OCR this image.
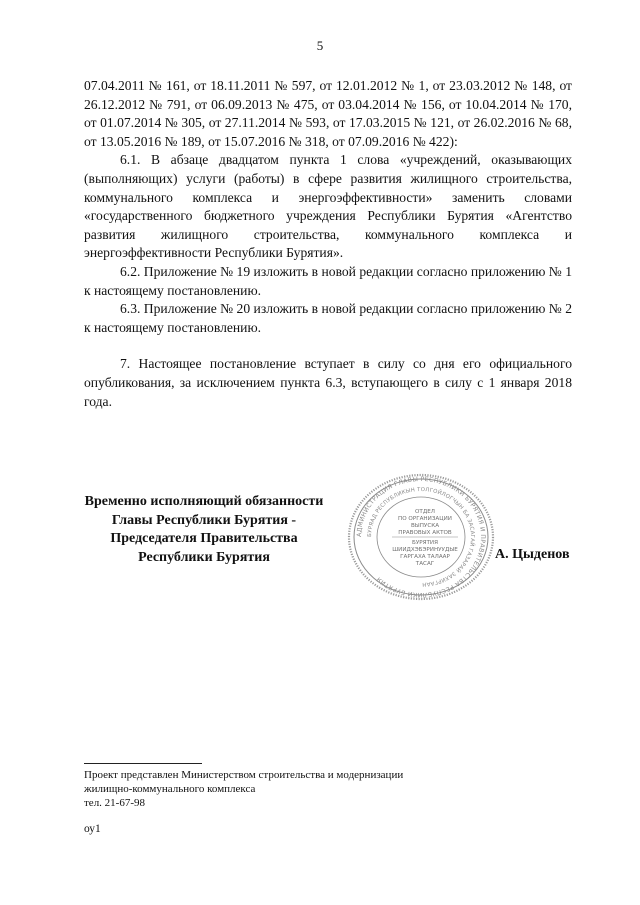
5

07.04.2011 № 161, от 18.11.2011 № 597, от 12.01.2012 № 1, от 23.03.2012 № 148, от 26.12.2012 № 791, от 06.09.2013 № 475, от 03.04.2014 № 156, от 10.04.2014 № 170, от 01.07.2014 № 305, от 27.11.2014 № 593, от 17.03.2015 № 121, от 26.02.2016 № 68, от 13.05.2016 № 189, от 15.07.2016 № 318, от 07.09.2016 № 422):

6.1. В абзаце двадцатом пункта 1 слова «учреждений, оказывающих (выполняющих) услуги (работы) в сфере развития жилищного строительства, коммунального комплекса и энергоэффективности» заменить словами «государственного бюджетного учреждения Республики Бурятия «Агентство развития жилищного строительства, коммунального комплекса и энергоэффективности Республики Бурятия».

6.2. Приложение № 19 изложить в новой редакции согласно приложению № 1 к настоящему постановлению.

6.3. Приложение № 20 изложить в новой редакции согласно приложению № 2 к настоящему постановлению.

7. Настоящее постановление вступает в силу со дня его официального опубликования, за исключением пункта 6.3, вступающего в силу с 1 января 2018 года.

Временно исполняющий обязанности
Главы Республики Бурятия -
Председателя Правительства
Республики Бурятия
АДМИНИСТРАЦИЯ ГЛАВЫ РЕСПУБЛИКИ БУРЯТИЯ И ПРАВИТЕЛЬСТВА РЕСПУБЛИКИ БУРЯТИЯ
БУРЯАД РЕСПУБЛИКЫН ТОЛГОЙЛОГЧЫН БА ЗАСАГАЙ ГАЗАРАЙ ЗАХИРГААН
ОТДЕЛ
ПО ОРГАНИЗАЦИИ
ВЫПУСКА
ПРАВОВЫХ АКТОВ
БУРЯТИЯ
ШИИДХЭБЭРИНУУДЫЕ
ГАРГАХА ТАЛААР
ТАСАГ
А. Цыденов
Проект представлен Министерством строительства и модернизации
жилищно-коммунального комплекса
тел. 21-67-98
оу1
